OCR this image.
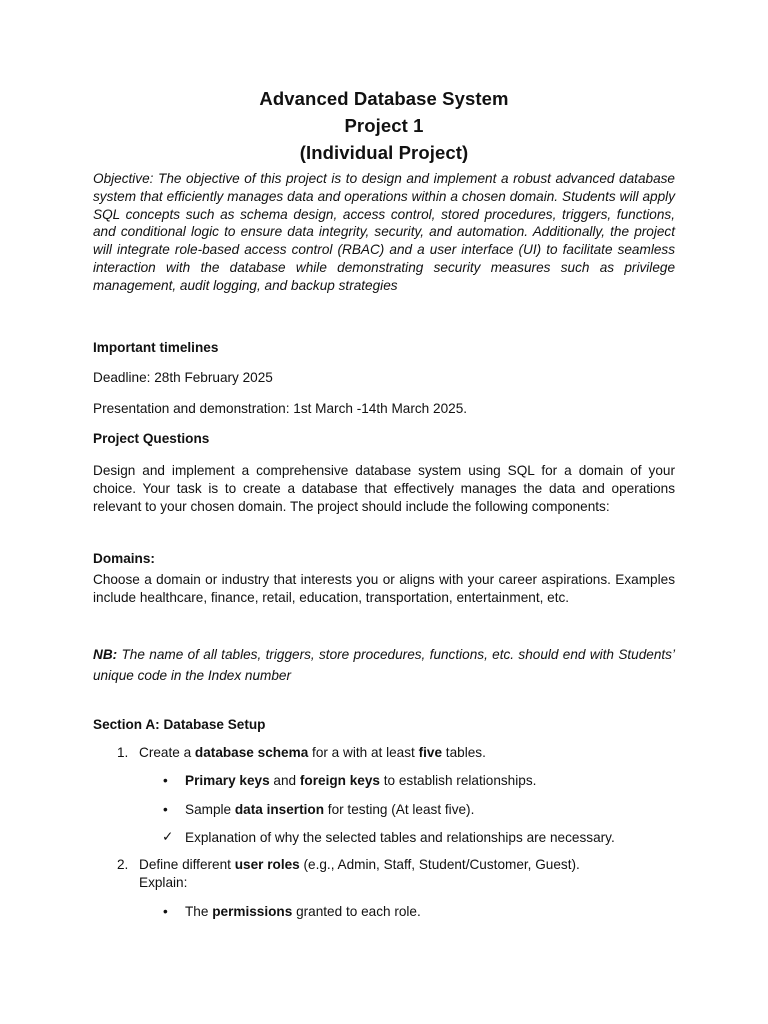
Advanced Database System
Project 1
(Individual Project)
Objective: The objective of this project is to design and implement a robust advanced database system that efficiently manages data and operations within a chosen domain. Students will apply SQL concepts such as schema design, access control, stored procedures, triggers, functions, and conditional logic to ensure data integrity, security, and automation. Additionally, the project will integrate role-based access control (RBAC) and a user interface (UI) to facilitate seamless interaction with the database while demonstrating security measures such as privilege management, audit logging, and backup strategies
Important timelines
Deadline: 28th February 2025
Presentation and demonstration: 1st March -14th March 2025.
Project Questions
Design and implement a comprehensive database system using SQL for a domain of your choice. Your task is to create a database that effectively manages the data and operations relevant to your chosen domain. The project should include the following components:
Domains:
Choose a domain or industry that interests you or aligns with your career aspirations. Examples include healthcare, finance, retail, education, transportation, entertainment, etc.
NB: The name of all tables, triggers, store procedures, functions, etc. should end with Students’ unique code in the Index number
Section A: Database Setup
1. Create a database schema for a with at least five tables.
• Primary keys and foreign keys to establish relationships.
• Sample data insertion for testing (At least five).
✓ Explanation of why the selected tables and relationships are necessary.
2. Define different user roles (e.g., Admin, Staff, Student/Customer, Guest).
Explain:
• The permissions granted to each role.
